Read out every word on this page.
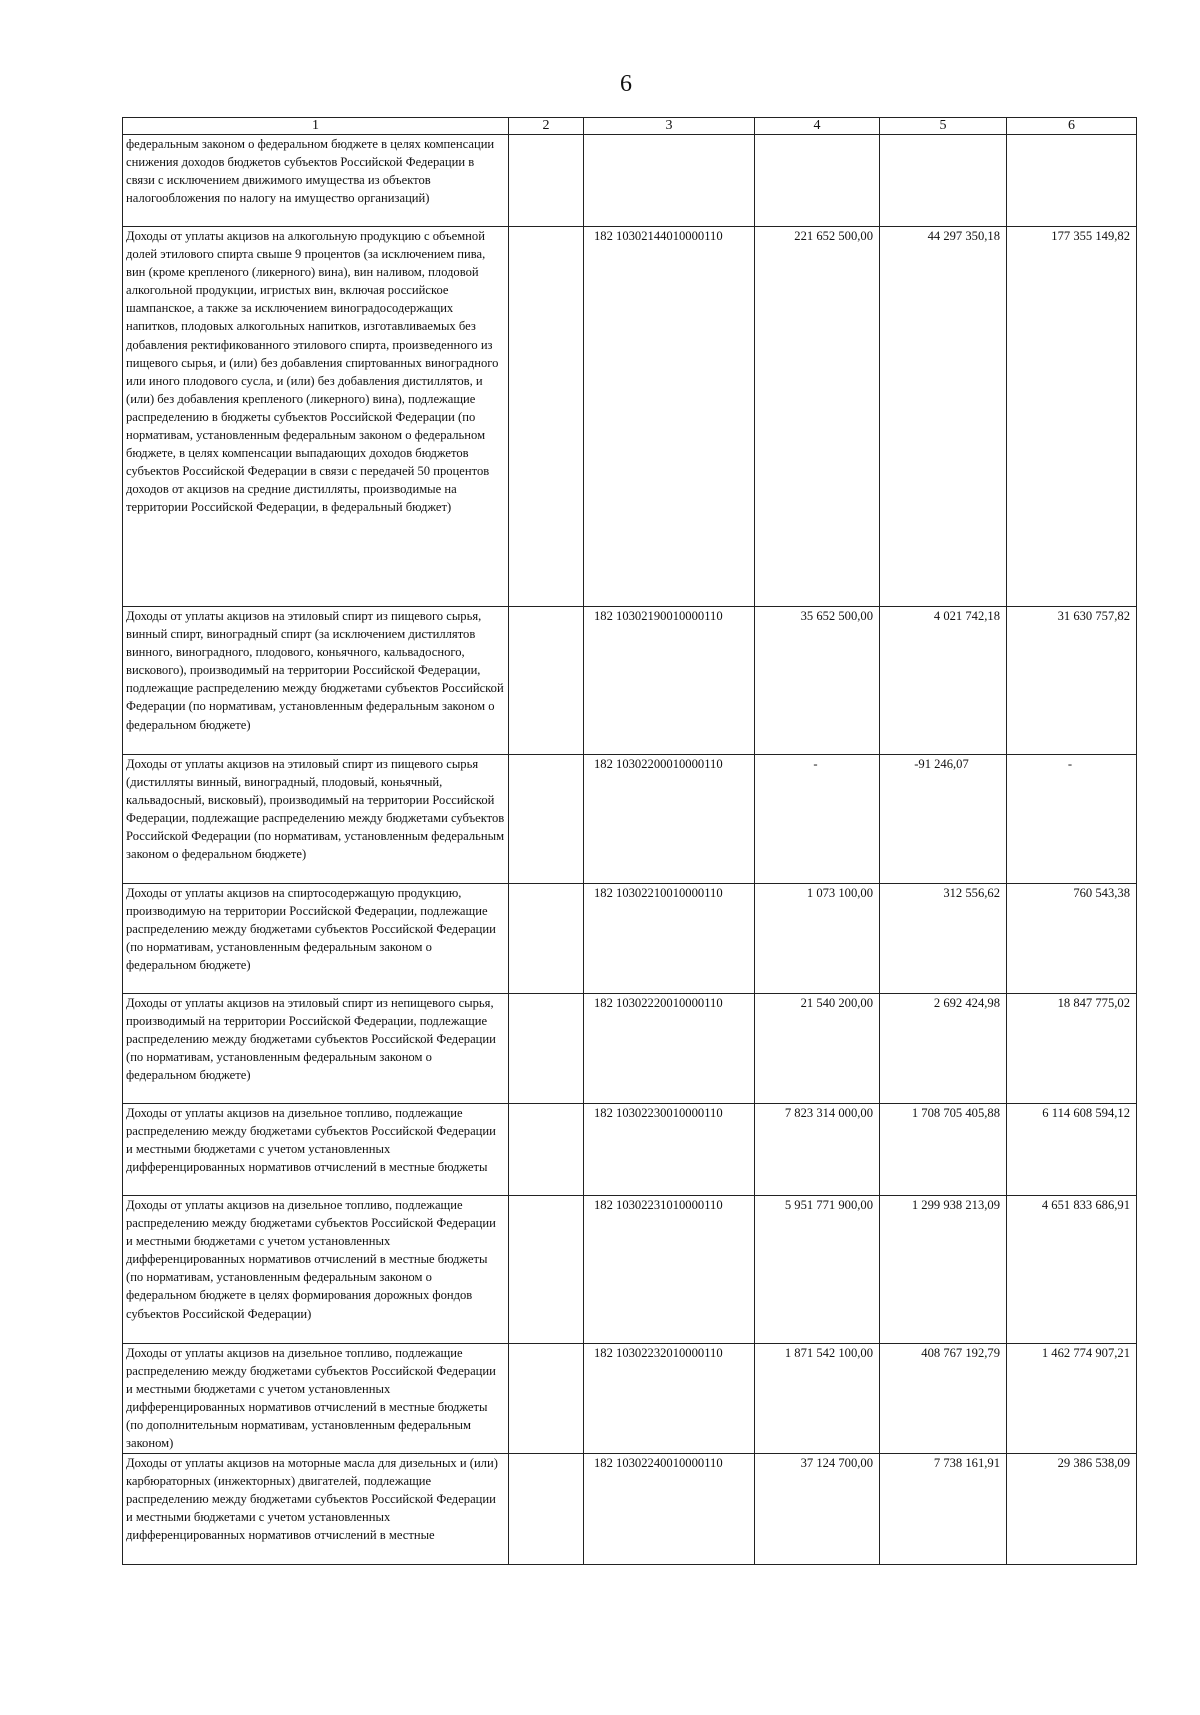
6
1	2	3	4	5	6
федеральным законом о федеральном бюджете в целях компенсации снижения доходов бюджетов субъектов Российской Федерации в связи с исключением движимого имущества из объектов налогообложения по налогу на имущество организаций)					
Доходы от уплаты акцизов на алкогольную продукцию с объемной долей этилового спирта свыше 9 процентов (за исключением пива, вин (кроме крепленого (ликерного) вина), вин наливом, плодовой алкогольной продукции, игристых вин, включая российское шампанское, а также за исключением виноградосодержащих напитков, плодовых алкогольных напитков, изготавливаемых без добавления ректификованного этилового спирта, произведенного из пищевого сырья, и (или) без добавления спиртованных виноградного или иного плодового сусла, и (или) без добавления дистиллятов, и (или) без добавления крепленого (ликерного) вина), подлежащие распределению в бюджеты субъектов Российской Федерации (по нормативам, установленным федеральным законом о федеральном бюджете, в целях компенсации выпадающих доходов бюджетов субъектов Российской Федерации в связи с передачей 50 процентов доходов от акцизов на средние дистилляты, производимые на территории Российской Федерации, в федеральный бюджет)		182 10302144010000110	221 652 500,00	44 297 350,18	177 355 149,82
Доходы от уплаты акцизов на этиловый спирт из пищевого сырья, винный спирт, виноградный спирт (за исключением дистиллятов винного, виноградного, плодового, коньячного, кальвадосного, вискового), производимый на территории Российской Федерации, подлежащие распределению между бюджетами субъектов Российской Федерации (по нормативам, установленным федеральным законом о федеральном бюджете)		182 10302190010000110	35 652 500,00	4 021 742,18	31 630 757,82
Доходы от уплаты акцизов на этиловый спирт из пищевого сырья (дистилляты винный, виноградный, плодовый, коньячный, кальвадосный, висковый), производимый на территории Российской Федерации, подлежащие распределению между бюджетами субъектов Российской Федерации (по нормативам, установленным федеральным законом о федеральном бюджете)		182 10302200010000110	-	-91 246,07	-
Доходы от уплаты акцизов на спиртосодержащую продукцию, производимую на территории Российской Федерации, подлежащие распределению между бюджетами субъектов Российской Федерации (по нормативам, установленным федеральным законом о федеральном бюджете)		182 10302210010000110	1 073 100,00	312 556,62	760 543,38
Доходы от уплаты акцизов на этиловый спирт из непищевого сырья, производимый на территории Российской Федерации, подлежащие распределению между бюджетами субъектов Российской Федерации (по нормативам, установленным федеральным законом о федеральном бюджете)		182 10302220010000110	21 540 200,00	2 692 424,98	18 847 775,02
Доходы от уплаты акцизов на дизельное топливо, подлежащие распределению между бюджетами субъектов Российской Федерации и местными бюджетами с учетом установленных дифференцированных нормативов отчислений в местные бюджеты		182 10302230010000110	7 823 314 000,00	1 708 705 405,88	6 114 608 594,12
Доходы от уплаты акцизов на дизельное топливо, подлежащие распределению между бюджетами субъектов Российской Федерации и местными бюджетами с учетом установленных дифференцированных нормативов отчислений в местные бюджеты (по нормативам, установленным федеральным законом о федеральном бюджете в целях формирования дорожных фондов субъектов Российской Федерации)		182 10302231010000110	5 951 771 900,00	1 299 938 213,09	4 651 833 686,91
Доходы от уплаты акцизов на дизельное топливо, подлежащие распределению между бюджетами субъектов Российской Федерации и местными бюджетами с учетом установленных дифференцированных нормативов отчислений в местные бюджеты (по дополнительным нормативам, установленным федеральным законом)		182 10302232010000110	1 871 542 100,00	408 767 192,79	1 462 774 907,21
Доходы от уплаты акцизов на моторные масла для дизельных и (или) карбюраторных (инжекторных) двигателей, подлежащие распределению между бюджетами субъектов Российской Федерации и местными бюджетами с учетом установленных дифференцированных нормативов отчислений в местные		182 10302240010000110	37 124 700,00	7 738 161,91	29 386 538,09
